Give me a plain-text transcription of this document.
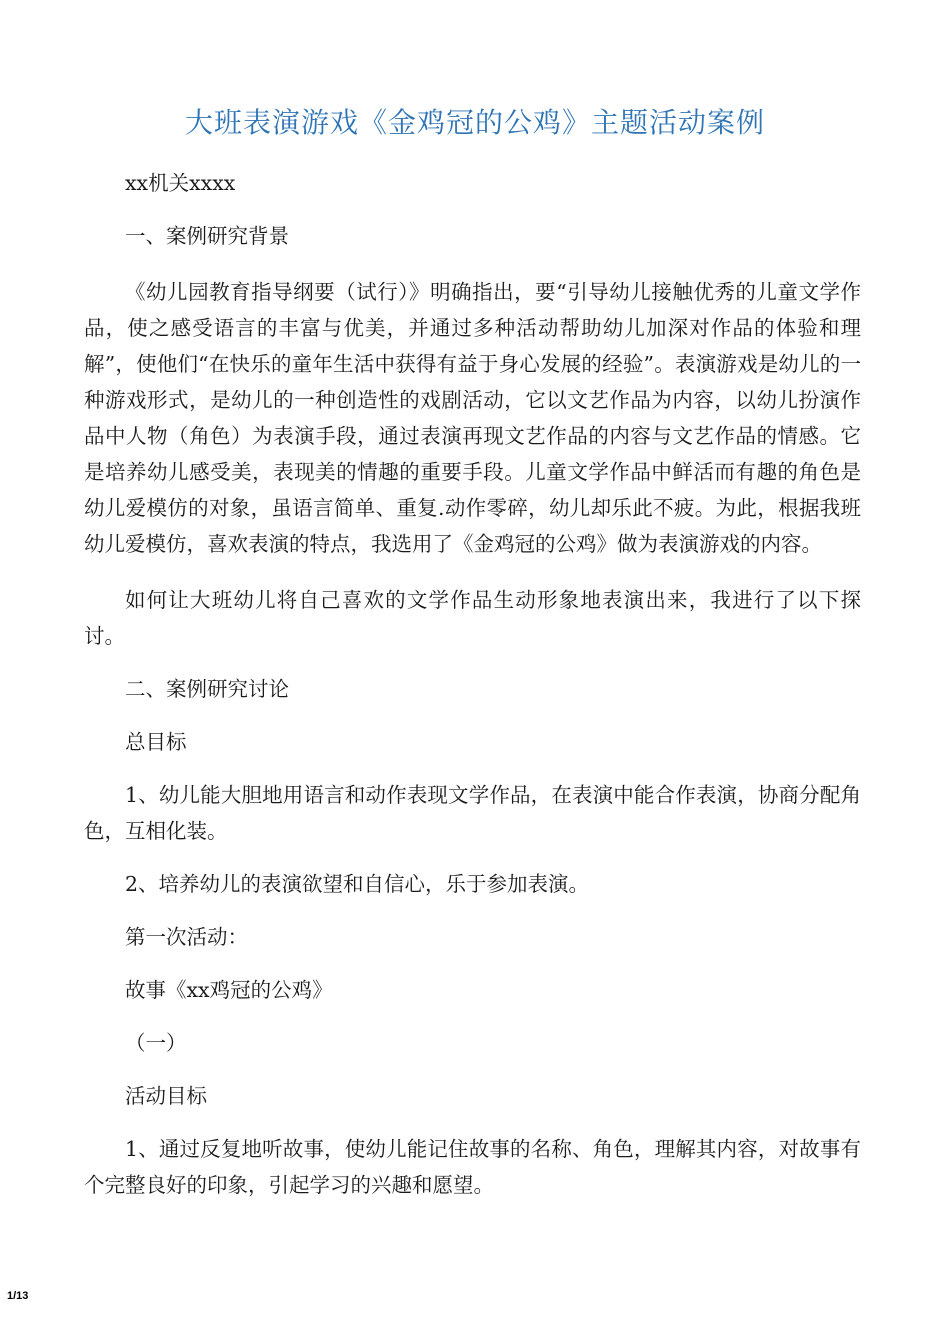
大班表演游戏《金鸡冠的公鸡》主题活动案例

xx机关xxxx

一、案例研究背景

《幼儿园教育指导纲要（试行）》明确指出，要“引导幼儿接触优秀的儿童文学作品，使之感受语言的丰富与优美，并通过多种活动帮助幼儿加深对作品的体验和理解”，使他们“在快乐的童年生活中获得有益于身心发展的经验”。表演游戏是幼儿的一种游戏形式，是幼儿的一种创造性的戏剧活动，它以文艺作品为内容，以幼儿扮演作品中人物（角色）为表演手段，通过表演再现文艺作品的内容与文艺作品的情感。它是培养幼儿感受美，表现美的情趣的重要手段。儿童文学作品中鲜活而有趣的角色是幼儿爱模仿的对象，虽语言简单、重复.动作零碎，幼儿却乐此不疲。为此，根据我班幼儿爱模仿，喜欢表演的特点，我选用了《金鸡冠的公鸡》做为表演游戏的内容。

如何让大班幼儿将自己喜欢的文学作品生动形象地表演出来，我进行了以下探讨。

二、案例研究讨论

总目标

1、幼儿能大胆地用语言和动作表现文学作品，在表演中能合作表演，协商分配角色，互相化装。

2、培养幼儿的表演欲望和自信心，乐于参加表演。

第一次活动：

故事《xx鸡冠的公鸡》

（一）

活动目标

1、通过反复地听故事，使幼儿能记住故事的名称、角色，理解其内容，对故事有个完整良好的印象，引起学习的兴趣和愿望。

1/13
